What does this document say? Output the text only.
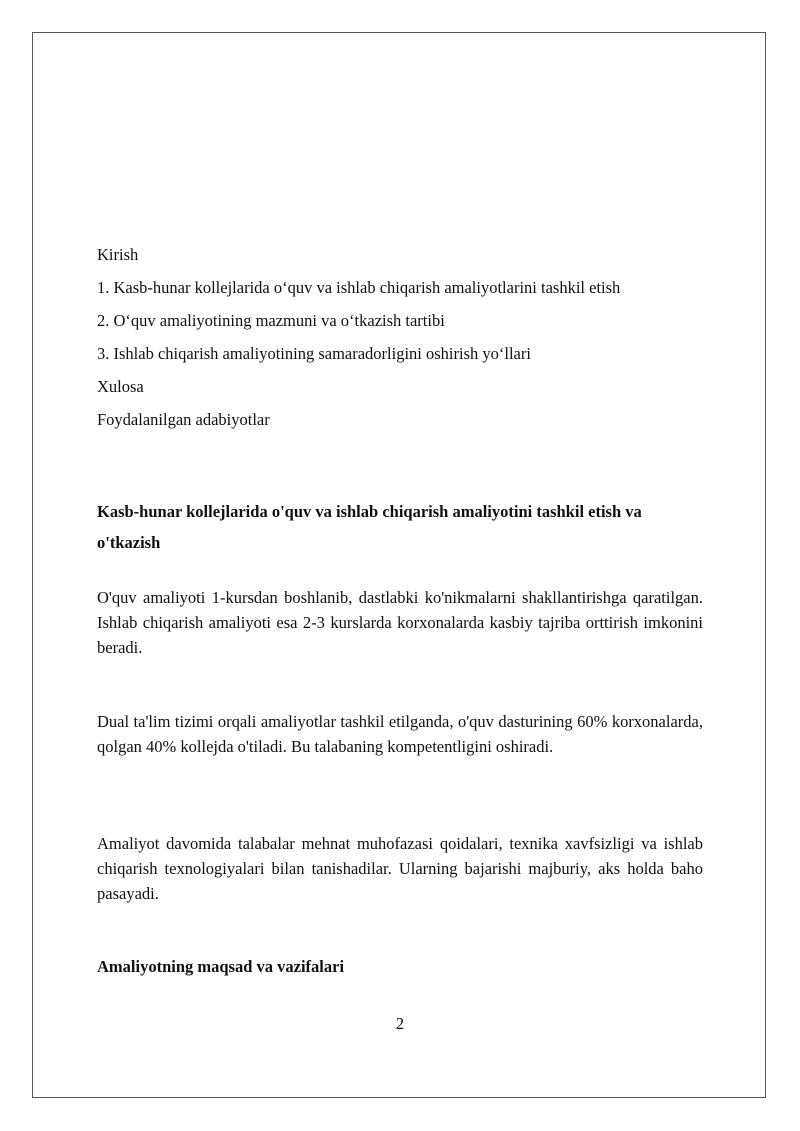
Kirish
1. Kasb-hunar kollejlarida o‘quv va ishlab chiqarish amaliyotlarini tashkil etish
2. O‘quv amaliyotining mazmuni va o‘tkazish tartibi
3. Ishlab chiqarish amaliyotining samaradorligini oshirish yo‘llari
Xulosa
Foydalanilgan adabiyotlar
Kasb-hunar kollejlarida o'quv va ishlab chiqarish amaliyotini tashkil etish va o'tkazish
O'quv amaliyoti 1-kursdan boshlanib, dastlabki ko'nikmalarni shakllantirishga qaratilgan. Ishlab chiqarish amaliyoti esa 2-3 kurslarda korxonalarda kasbiy tajriba orttirish imkonini beradi.
Dual ta'lim tizimi orqali amaliyotlar tashkil etilganda, o'quv dasturining 60% korxonalarda, qolgan 40% kollejda o'tiladi. Bu talabaning kompetentligini oshiradi.
Amaliyot davomida talabalar mehnat muhofazasi qoidalari, texnika xavfsizligi va ishlab chiqarish texnologiyalari bilan tanishadilar. Ularning bajarishi majburiy, aks holda baho pasayadi.
Amaliyotning maqsad va vazifalari
2
